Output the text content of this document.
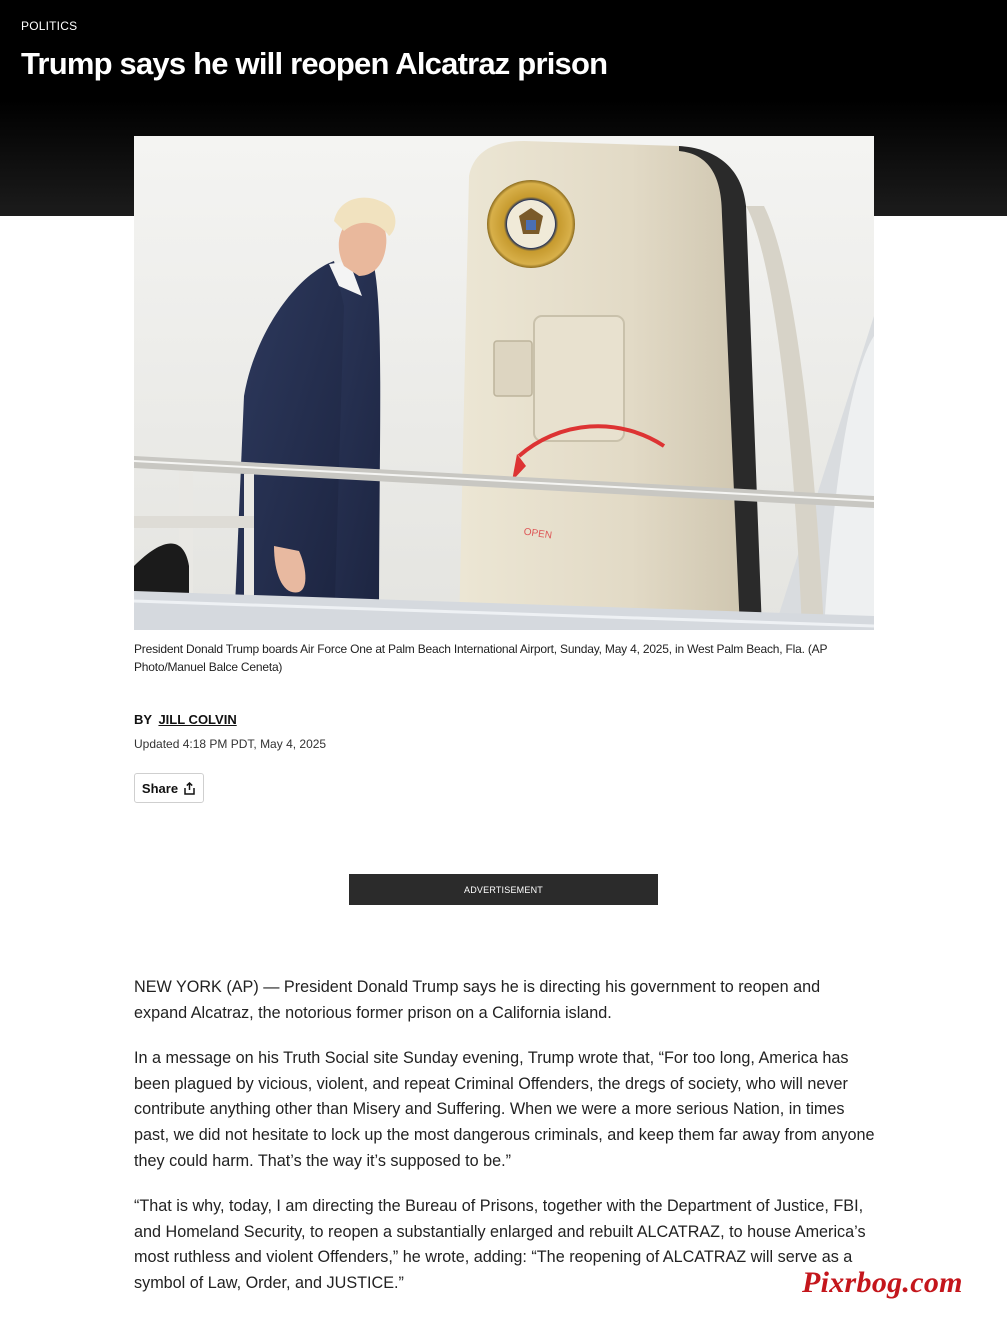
POLITICS
Trump says he will reopen Alcatraz prison
OPEN
President Donald Trump boards Air Force One at Palm Beach International Airport, Sunday, May 4, 2025, in West Palm Beach, Fla. (AP Photo/Manuel Balce Ceneta)
BY JILL COLVIN
Updated 4:18 PM PDT, May 4, 2025
Share
ADVERTISEMENT

NEW YORK (AP) — President Donald Trump says he is directing his government to reopen and expand Alcatraz, the notorious former prison on a California island.

In a message on his Truth Social site Sunday evening, Trump wrote that, “For too long, America has been plagued by vicious, violent, and repeat Criminal Offenders, the dregs of society, who will never contribute anything other than Misery and Suffering. When we were a more serious Nation, in times past, we did not hesitate to lock up the most dangerous criminals, and keep them far away from anyone they could harm. That’s the way it’s supposed to be.”

“That is why, today, I am directing the Bureau of Prisons, together with the Department of Justice, FBI, and Homeland Security, to reopen a substantially enlarged and rebuilt ALCATRAZ, to house America’s most ruthless and violent Offenders,” he wrote, adding: “The reopening of ALCATRAZ will serve as a symbol of Law, Order, and JUSTICE.”	Pixrbog.com
